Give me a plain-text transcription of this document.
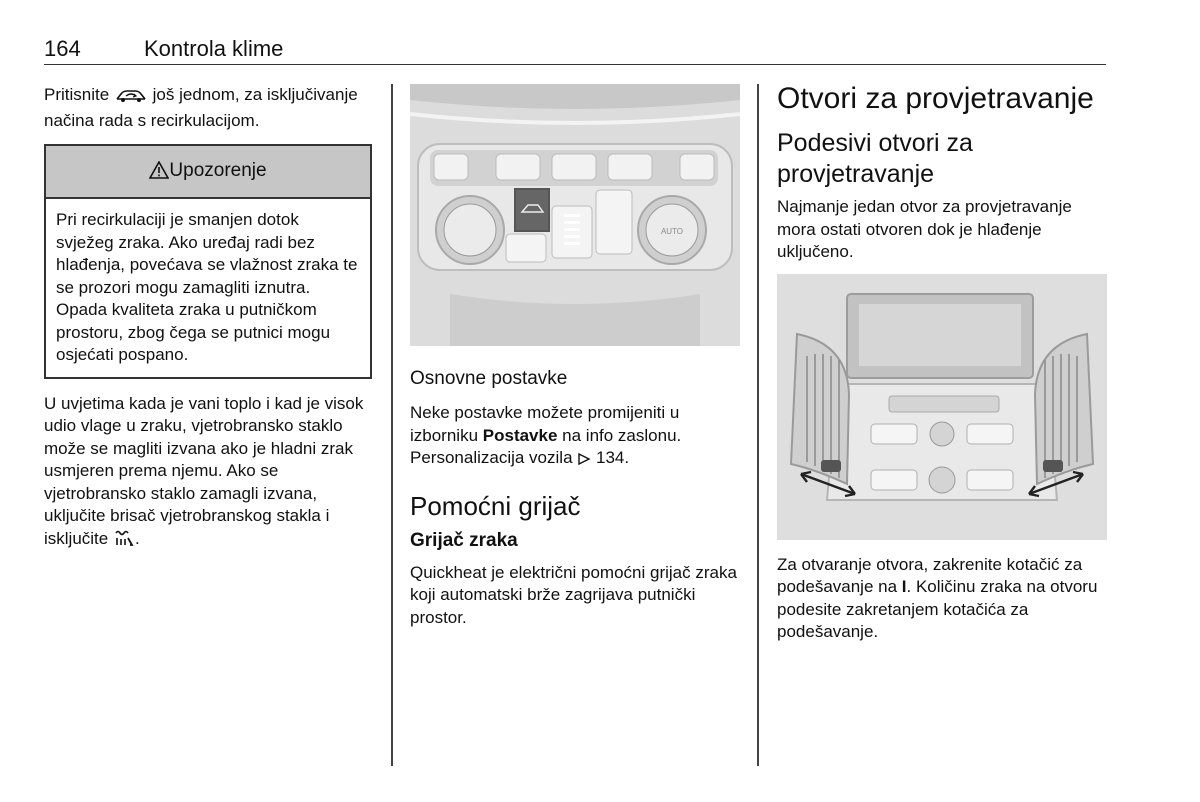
164	Kontrola klime

Pritisnite  još jednom, za isključivanje načina rada s recirkulacijom.

Upozorenje
Pri recirkulaciji je smanjen dotok svježeg zraka. Ako uređaj radi bez hlađenja, povećava se vlažnost zraka te se prozori mogu zamagliti iznutra. Opada kvaliteta zraka u putničkom prostoru, zbog čega se putnici mogu osjećati pospano.

U uvjetima kada je vani toplo i kad je visok udio vlage u zraku, vjetrobransko staklo može se magliti izvana ako je hladni zrak usmjeren prema njemu. Ako se vjetrobransko staklo zamagli izvana, uključite brisač vjetrobranskog stakla i isključite .

AUTO

Osnovne postavke

Neke postavke možete promijeniti u izborniku Postavke na info zaslonu. Personalizacija vozila  134.

Pomoćni grijač

Grijač zraka

Quickheat je električni pomoćni grijač zraka koji automatski brže zagrijava putnički prostor.

Otvori za provjetravanje

Podesivi otvori za provjetravanje

Najmanje jedan otvor za provjetravanje mora ostati otvoren dok je hlađenje uključeno.

Za otvaranje otvora, zakrenite kotačić za podešavanje na I. Količinu zraka na otvoru podesite zakretanjem kotačića za podešavanje.
